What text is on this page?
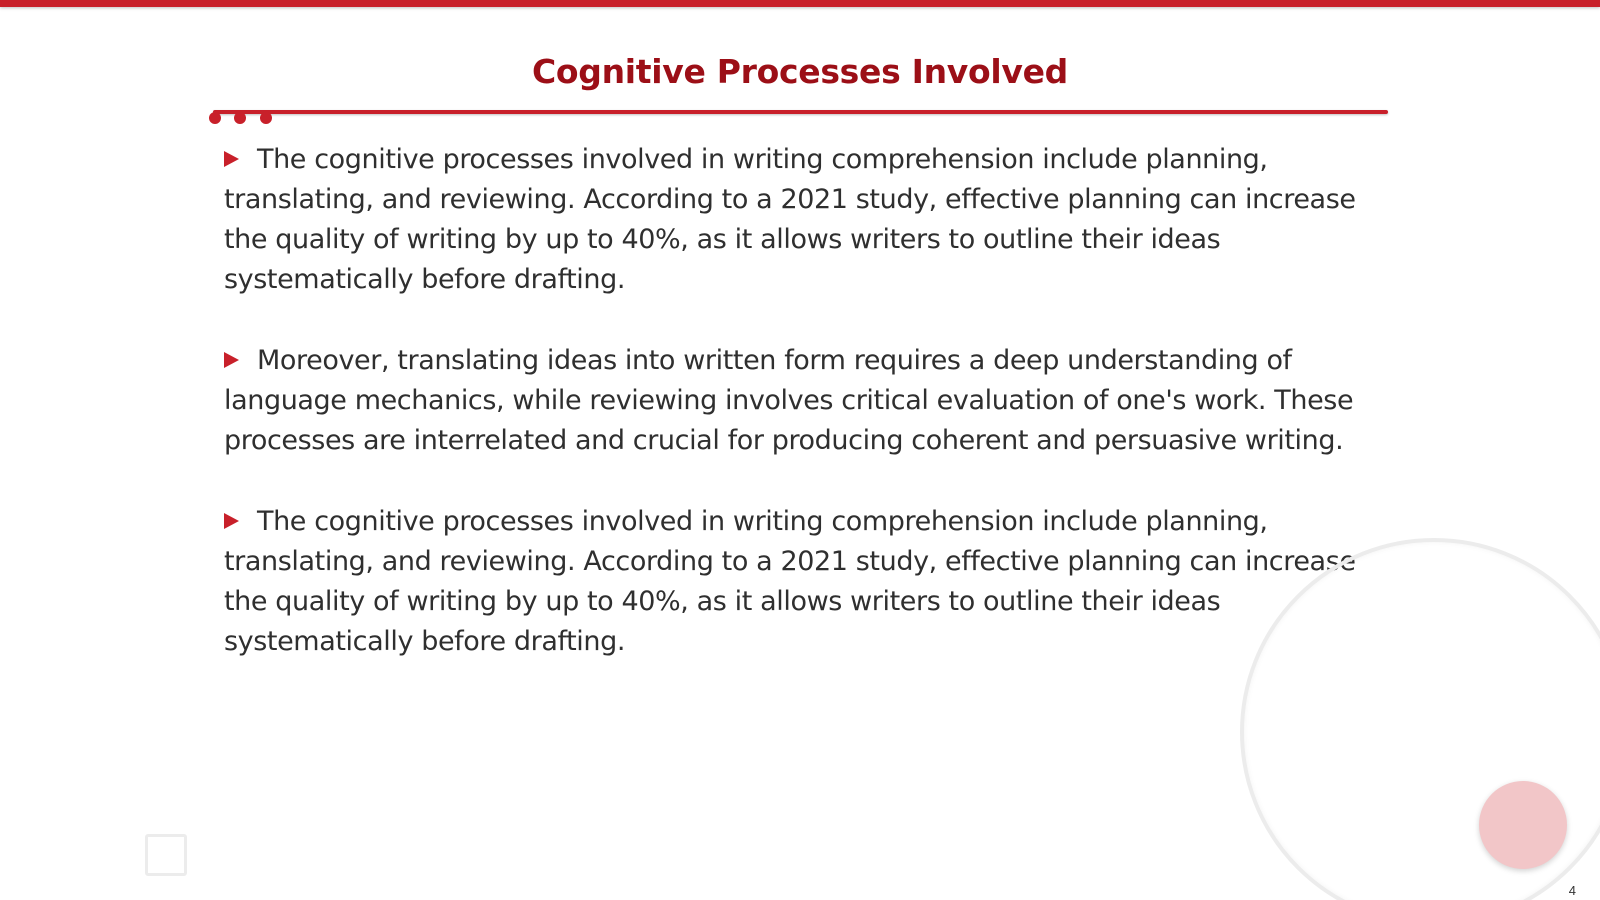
Cognitive Processes Involved

The cognitive processes involved in writing comprehension include planning, translating, and reviewing. According to a 2021 study, effective planning can increase the quality of writing by up to 40%, as it allows writers to outline their ideas systematically before drafting.

Moreover, translating ideas into written form requires a deep understanding of language mechanics, while reviewing involves critical evaluation of one's work. These processes are interrelated and crucial for producing coherent and persuasive writing.

The cognitive processes involved in writing comprehension include planning, translating, and reviewing. According to a 2021 study, effective planning can increase the quality of writing by up to 40%, as it allows writers to outline their ideas systematically before drafting.

4
